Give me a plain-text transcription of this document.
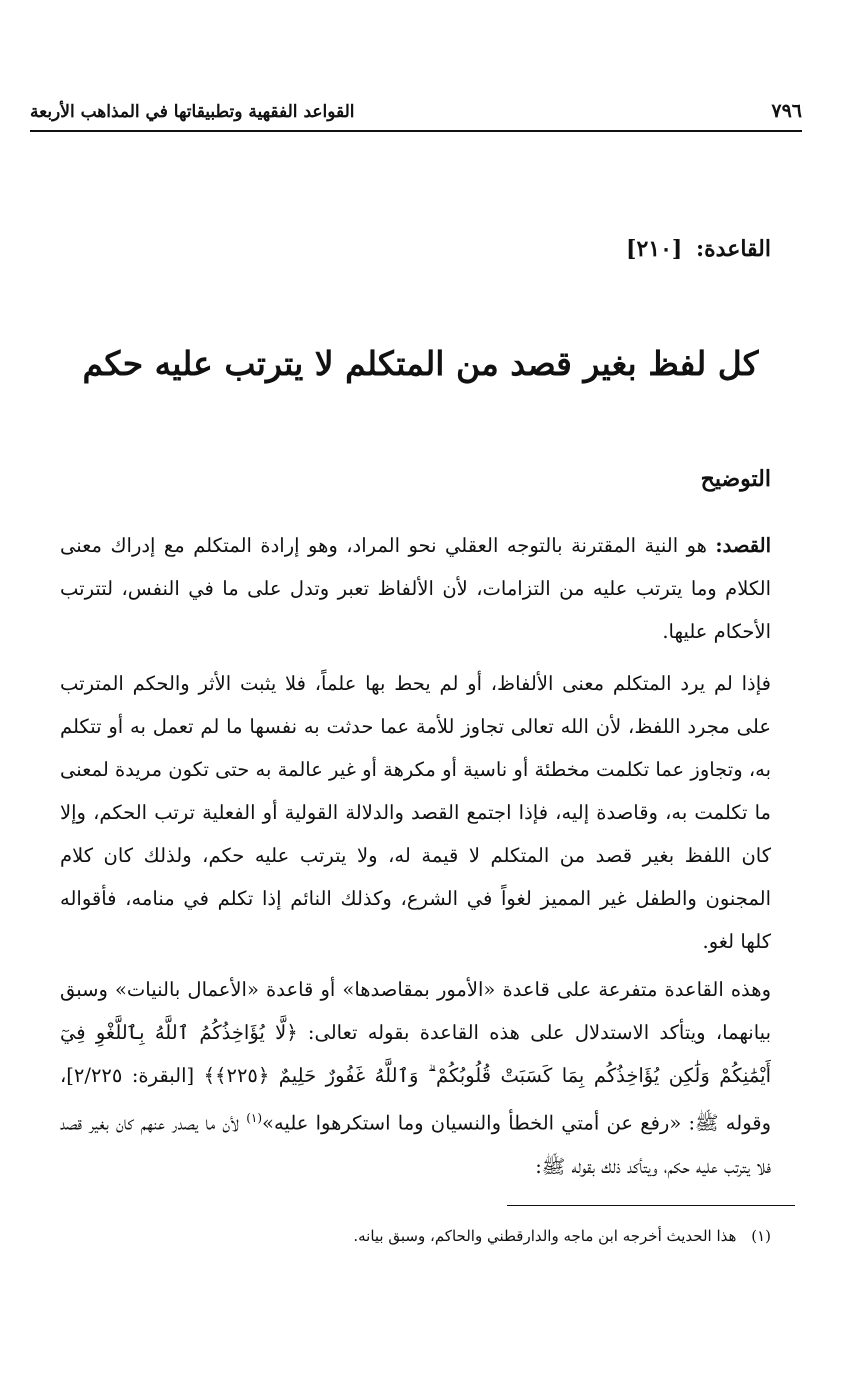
٧٩٦
القواعد الفقهية وتطبيقاتها في المذاهب الأربعة
القاعدة: [٢١٠]
كل لفظ بغير قصد من المتكلم لا يترتب عليه حكم
التوضيح

القصد: هو النية المقترنة بالتوجه العقلي نحو المراد، وهو إرادة المتكلم مع إدراك معنى الكلام وما يترتب عليه من التزامات، لأن الألفاظ تعبر وتدل على ما في النفس، لتترتب الأحكام عليها.

فإذا لم يرد المتكلم معنى الألفاظ، أو لم يحط بها علماً، فلا يثبت الأثر والحكم المترتب على مجرد اللفظ، لأن الله تعالى تجاوز للأمة عما حدثت به نفسها ما لم تعمل به أو تتكلم به، وتجاوز عما تكلمت مخطئة أو ناسية أو مكرهة أو غير عالمة به حتى تكون مريدة لمعنى ما تكلمت به، وقاصدة إليه، فإذا اجتمع القصد والدلالة القولية أو الفعلية ترتب الحكم، وإلا كان اللفظ بغير قصد من المتكلم لا قيمة له، ولا يترتب عليه حكم، ولذلك كان كلام المجنون والطفل غير المميز لغواً في الشرع، وكذلك النائم إذا تكلم في منامه، فأقواله كلها لغو.

وهذه القاعدة متفرعة على قاعدة «الأمور بمقاصدها» أو قاعدة «الأعمال بالنيات» وسبق بيانهما، ويتأكد الاستدلال على هذه القاعدة بقوله تعالى: ﴿لَّا يُؤَاخِذُكُمُ ٱللَّهُ بِٱللَّغْوِ فِيٓ أَيْمَٰنِكُمْ وَلَٰكِن يُؤَاخِذُكُم بِمَا كَسَبَتْ قُلُوبُكُمْ ۗ وَٱللَّهُ غَفُورٌ حَلِيمٌ ﴿٢٢٥﴾﴾ [البقرة: ٢/٢٢٥]، وقوله ﷺ: «رفع عن أمتي الخطأ والنسيان وما استكرهوا عليه»$^{(١)}$ لأن ما يصدر عنهم كان بغير قصد فلا يترتب عليه حكم، ويتأكد ذلك بقوله ﷺ:

(١) هذا الحديث أخرجه ابن ماجه والدارقطني والحاكم، وسبق بيانه.
